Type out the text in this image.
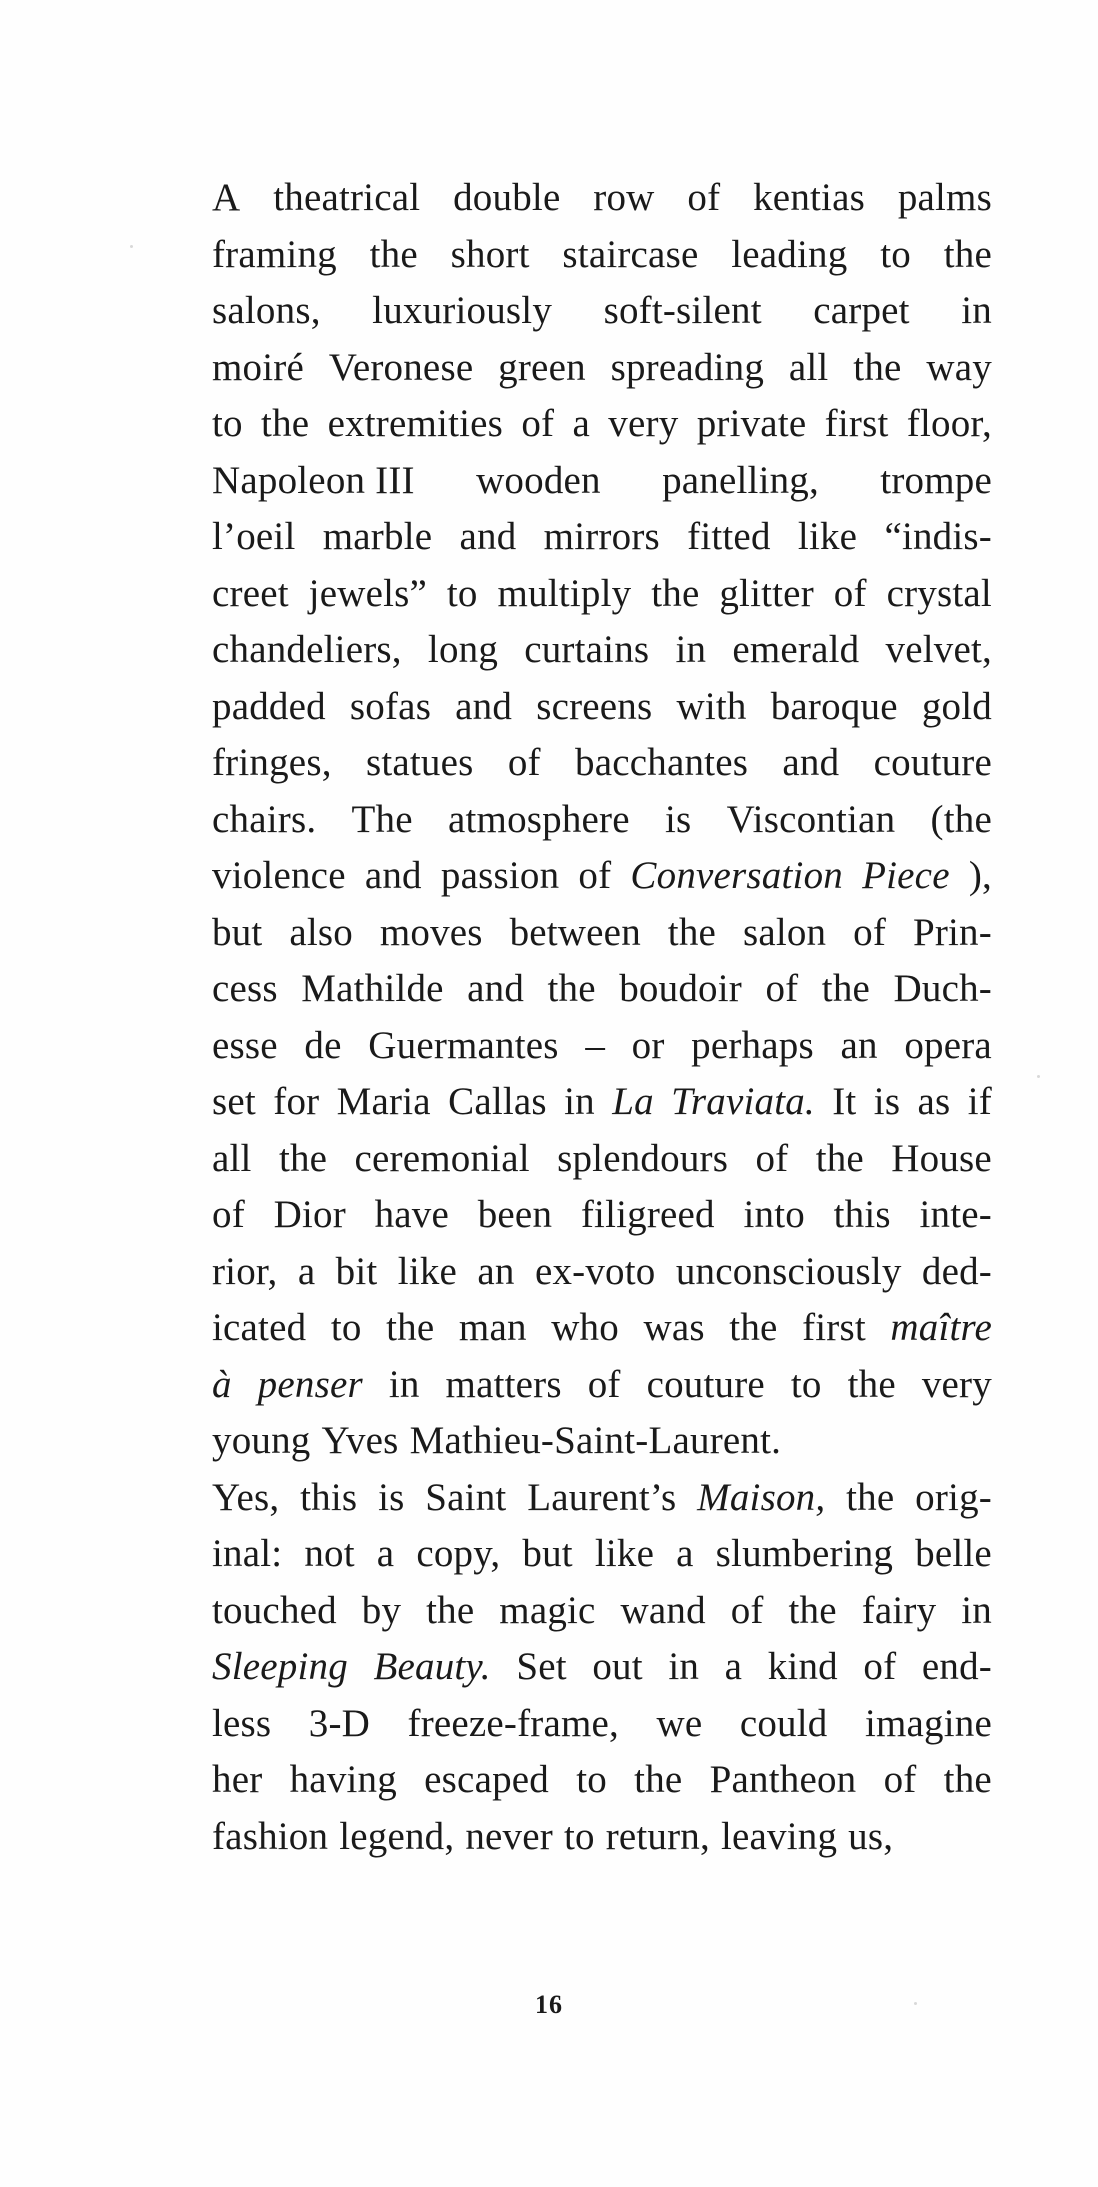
A theatrical double row of kentias palms
framing the short staircase leading to the
salons, luxuriously soft-silent carpet in
moiré Veronese green spreading all the way
to the extremities of a very private first floor,
Napoleon III wooden panelling, trompe
l’oeil marble and mirrors fitted like “indis-
creet jewels” to multiply the glitter of crystal
chandeliers, long curtains in emerald velvet,
padded sofas and screens with baroque gold
fringes, statues of bacchantes and couture
chairs. The atmosphere is Viscontian (the
violence and passion of Conversation Piece ),
but also moves between the salon of Prin-
cess Mathilde and the boudoir of the Duch-
esse de Guermantes – or perhaps an opera
set for Maria Callas in La Traviata. It is as if
all the ceremonial splendours of the House
of Dior have been filigreed into this inte-
rior, a bit like an ex-voto unconsciously ded-
icated to the man who was the first maître
à penser in matters of couture to the very
young Yves Mathieu-Saint-Laurent.
Yes, this is Saint Laurent’s Maison, the orig-
inal: not a copy, but like a slumbering belle
touched by the magic wand of the fairy in
Sleeping Beauty. Set out in a kind of end-
less 3-D freeze-frame, we could imagine
her having escaped to the Pantheon of the
fashion legend, never to return, leaving us,
16
